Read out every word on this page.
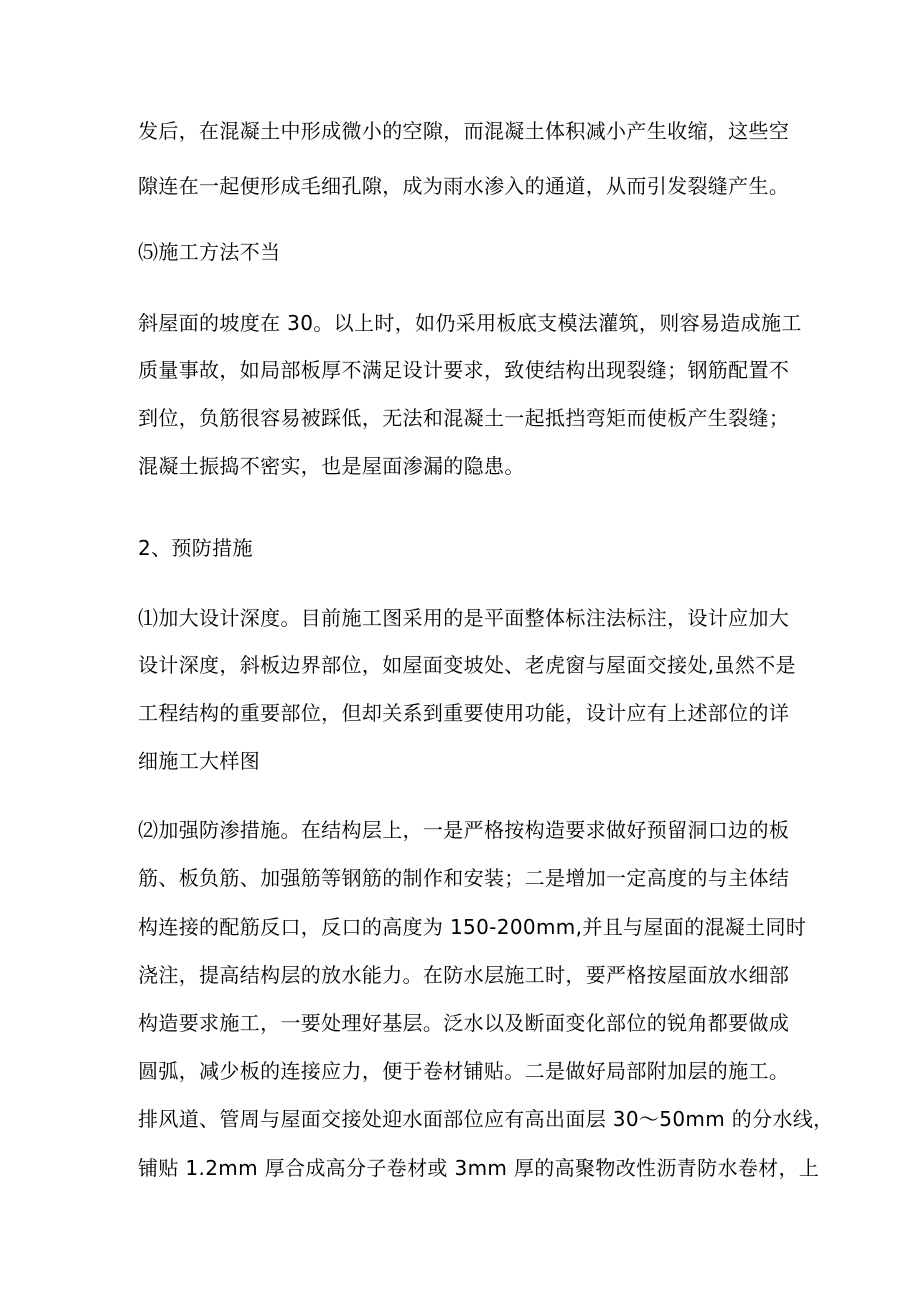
发后，在混凝土中形成微小的空隙，而混凝土体积减小产生收缩，这些空
隙连在一起便形成毛细孔隙，成为雨水渗入的通道，从而引发裂缝产生。
⑸施工方法不当
斜屋面的坡度在 30。以上时，如仍采用板底支模法灌筑，则容易造成施工
质量事故，如局部板厚不满足设计要求，致使结构出现裂缝；钢筋配置不
到位，负筋很容易被踩低，无法和混凝土一起抵挡弯矩而使板产生裂缝；
混凝土振捣不密实，也是屋面渗漏的隐患。
2、预防措施
⑴加大设计深度。目前施工图采用的是平面整体标注法标注，设计应加大
设计深度，斜板边界部位，如屋面变坡处、老虎窗与屋面交接处,虽然不是
工程结构的重要部位，但却关系到重要使用功能，设计应有上述部位的详
细施工大样图
⑵加强防渗措施。在结构层上，一是严格按构造要求做好预留洞口边的板
筋、板负筋、加强筋等钢筋的制作和安装；二是增加一定高度的与主体结
构连接的配筋反口，反口的高度为 150-200mm,并且与屋面的混凝土同时
浇注，提高结构层的放水能力。在防水层施工时，要严格按屋面放水细部
构造要求施工，一要处理好基层。泛水以及断面变化部位的锐角都要做成
圆弧，减少板的连接应力，便于卷材铺贴。二是做好局部附加层的施工。
排风道、管周与屋面交接处迎水面部位应有高出面层 30～50mm 的分水线，
铺贴 1.2mm 厚合成高分子卷材或 3mm 厚的高聚物改性沥青防水卷材，上
